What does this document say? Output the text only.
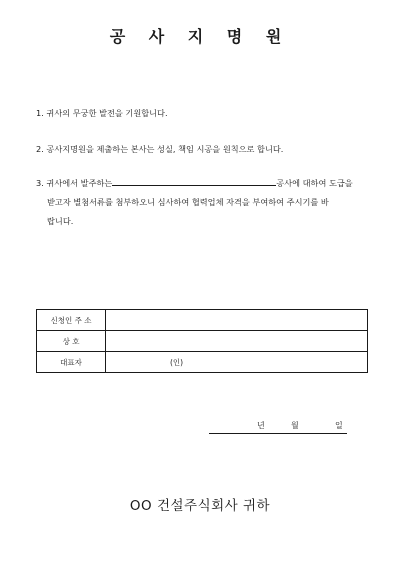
공 사 지 명 원
1. 귀사의 무궁한 발전을 기원합니다.
2. 공사지명원을 제출하는 본사는 성실, 책임 시공을 원칙으로 합니다.
3. 귀사에서 발주하는	공사에 대하여 도급을
받고자 별첨서류를 첨부하오니 심사하여 협력업체 자격을 부여하여 주시기를 바
랍니다.
신청인 주 소	
상 호	
대표자	(인)
년	월	일
OO 건설주식회사 귀하
